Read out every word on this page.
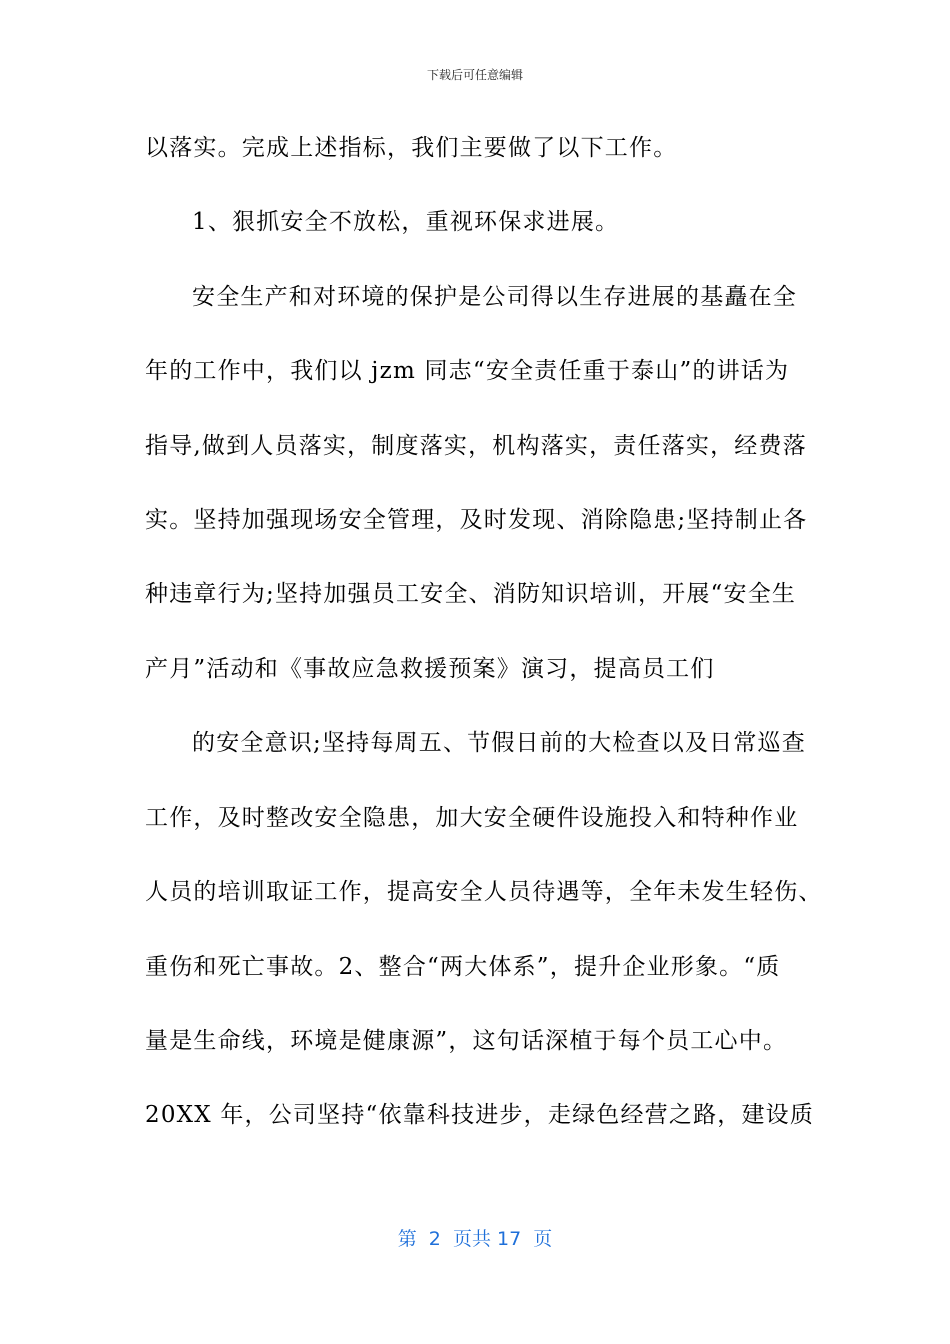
下载后可任意编辑
以落实。完成上述指标，我们主要做了以下工作。
1、狠抓安全不放松，重视环保求进展。
安全生产和对环境的保护是公司得以生存进展的基矗在全
年的工作中，我们以 jzm 同志“安全责任重于泰山”的讲话为
指导,做到人员落实，制度落实，机构落实，责任落实，经费落
实。坚持加强现场安全管理，及时发现、消除隐患;坚持制止各
种违章行为;坚持加强员工安全、消防知识培训，开展“安全生
产月”活动和《事故应急救援预案》演习，提高员工们
的安全意识;坚持每周五、节假日前的大检查以及日常巡查
工作，及时整改安全隐患，加大安全硬件设施投入和特种作业
人员的培训取证工作，提高安全人员待遇等，全年未发生轻伤、
重伤和死亡事故。2、整合“两大体系”，提升企业形象。“质
量是生命线，环境是健康源”，这句话深植于每个员工心中。
20XX 年，公司坚持“依靠科技进步，走绿色经营之路，建设质
第  2  页共 17  页
